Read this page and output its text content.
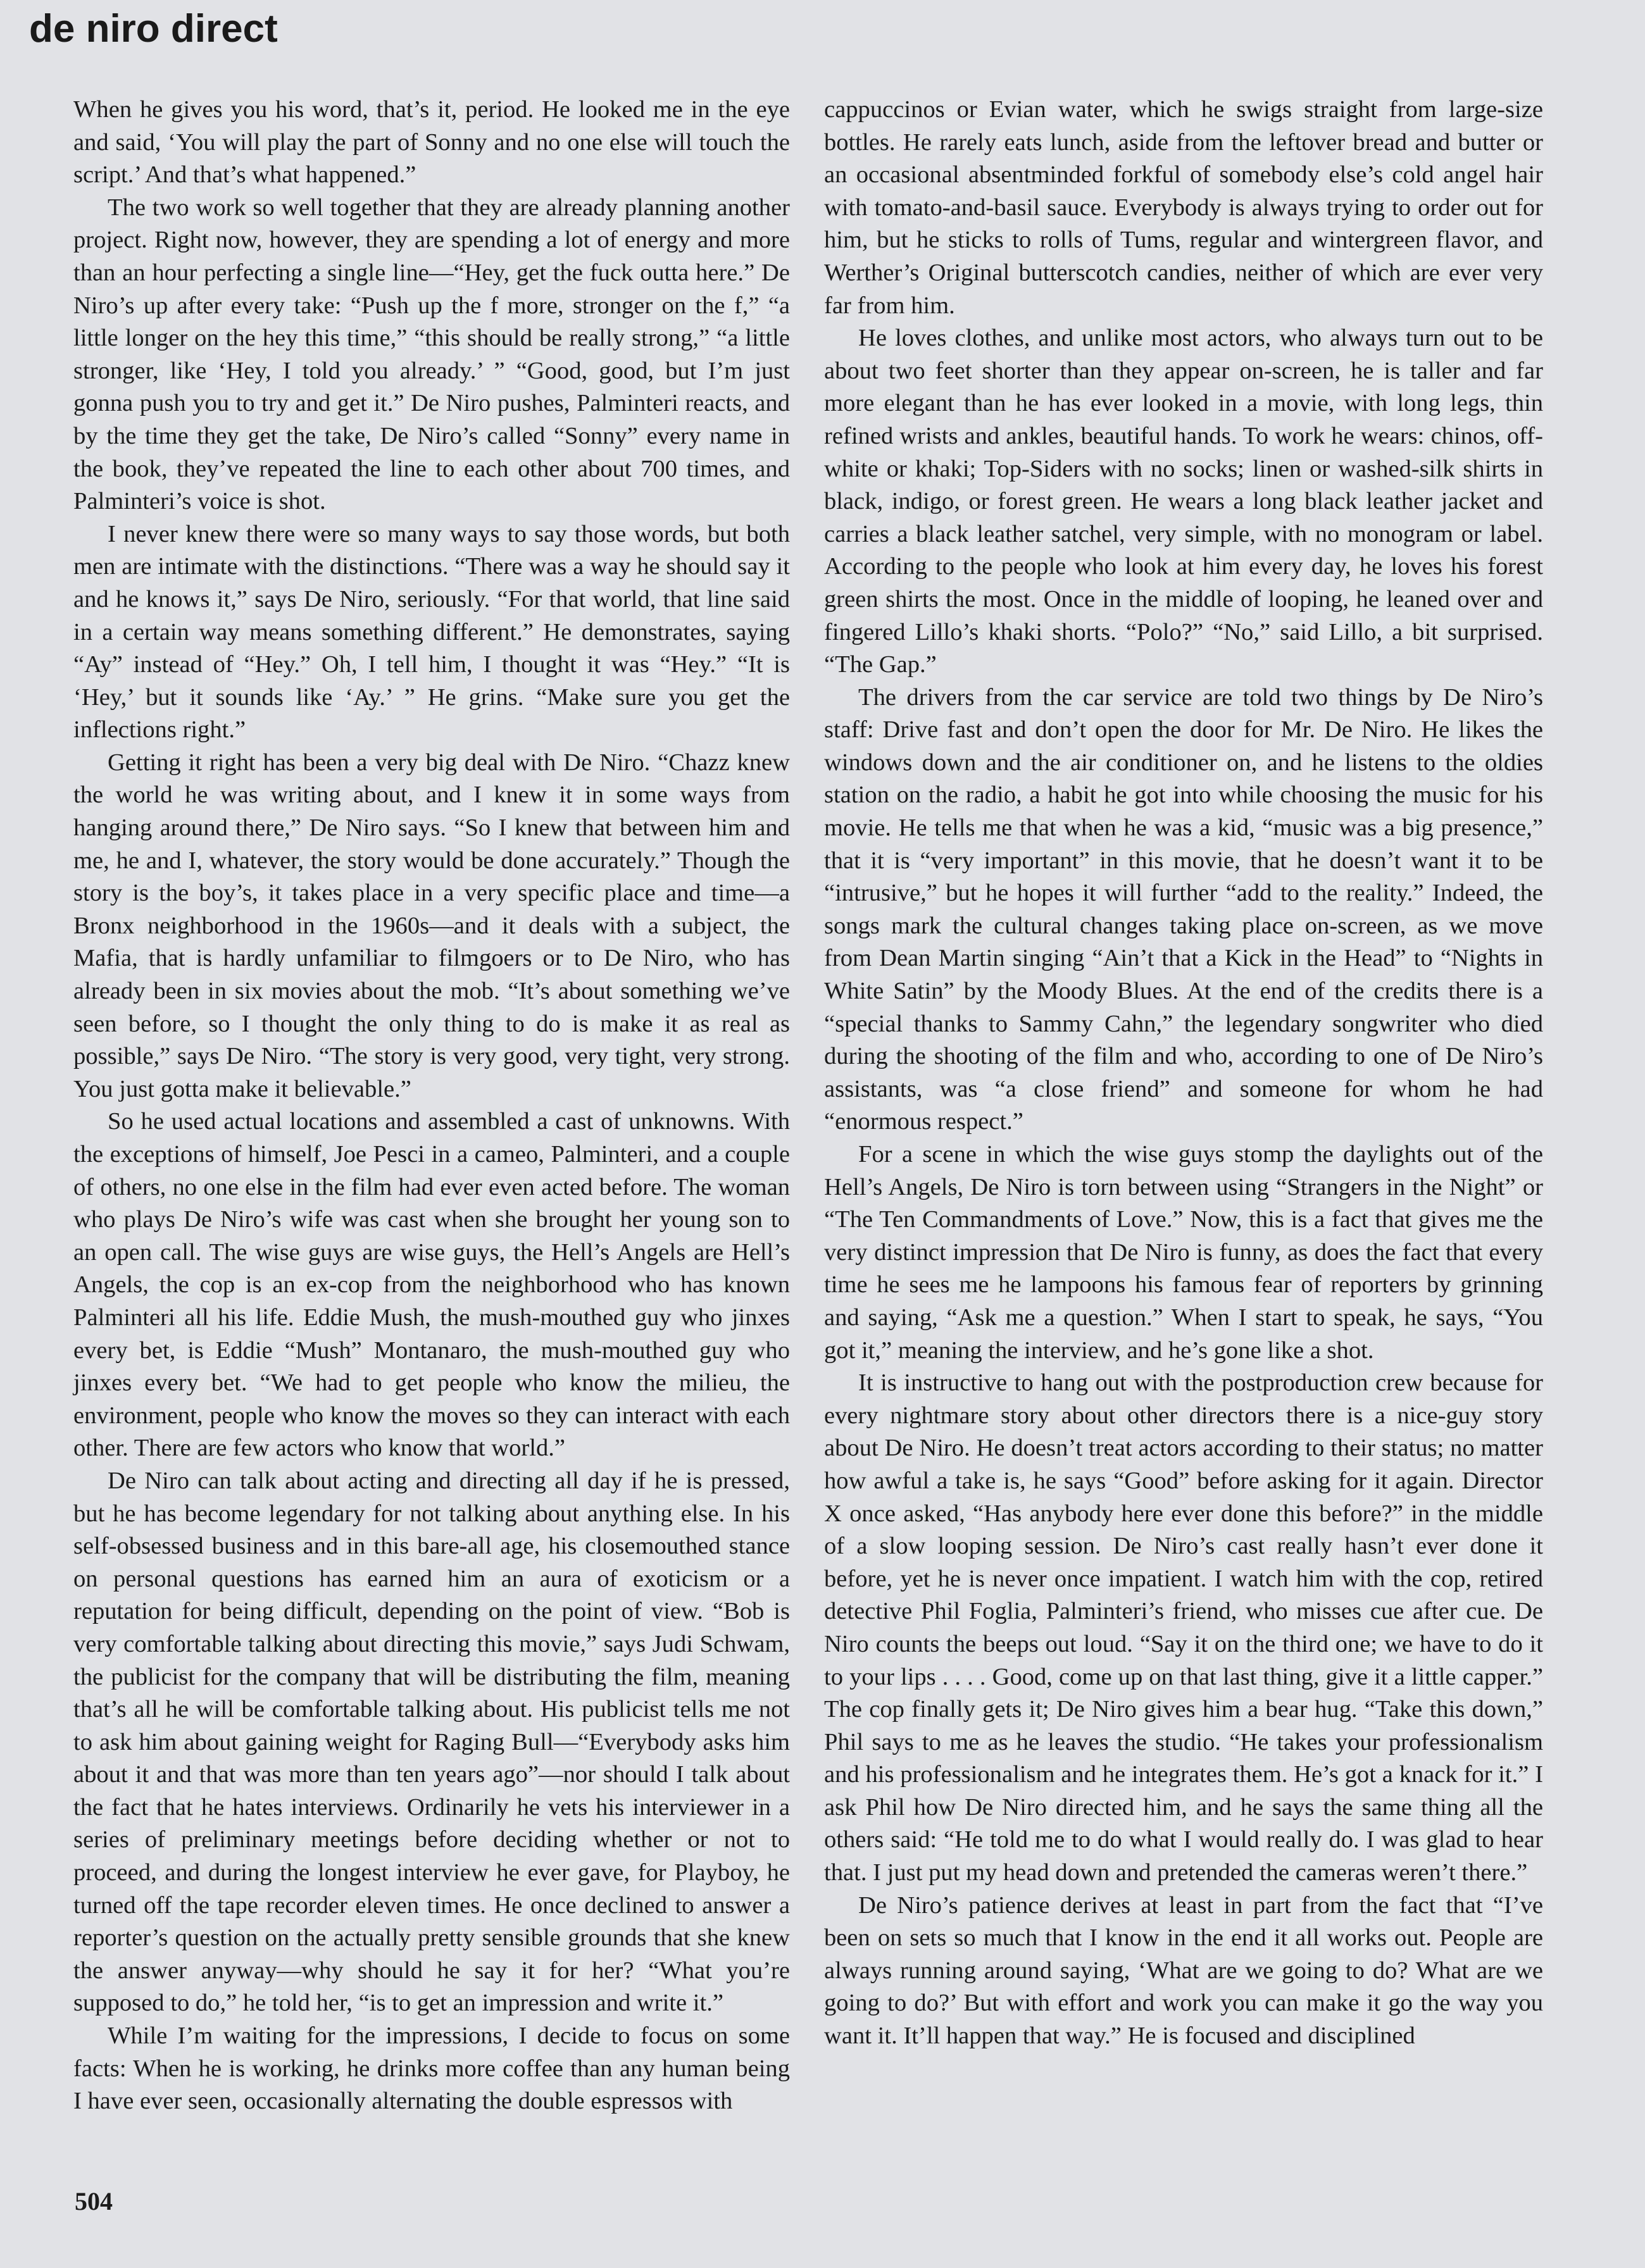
de niro direct

When he gives you his word, that’s it, period. He looked me in the eye and said, ‘You will play the part of Sonny and no one else will touch the script.’ And that’s what happened.”

The two work so well together that they are already planning another project. Right now, however, they are spending a lot of energy and more than an hour perfecting a single line—“Hey, get the fuck outta here.” De Niro’s up after every take: “Push up the f more, stronger on the f,” “a little longer on the hey this time,” “this should be really strong,” “a little stronger, like ‘Hey, I told you already.’ ” “Good, good, but I’m just gonna push you to try and get it.” De Niro pushes, Palminteri reacts, and by the time they get the take, De Niro’s called “Sonny” every name in the book, they’ve repeated the line to each other about 700 times, and Palminteri’s voice is shot.

I never knew there were so many ways to say those words, but both men are intimate with the distinctions. “There was a way he should say it and he knows it,” says De Niro, seriously. “For that world, that line said in a certain way means something different.” He demonstrates, saying “Ay” instead of “Hey.” Oh, I tell him, I thought it was “Hey.” “It is ‘Hey,’ but it sounds like ‘Ay.’ ” He grins. “Make sure you get the inflections right.”

Getting it right has been a very big deal with De Niro. “Chazz knew the world he was writing about, and I knew it in some ways from hanging around there,” De Niro says. “So I knew that between him and me, he and I, whatever, the story would be done accurately.” Though the story is the boy’s, it takes place in a very specific place and time—a Bronx neighborhood in the 1960s—and it deals with a subject, the Mafia, that is hardly unfamiliar to filmgoers or to De Niro, who has already been in six movies about the mob. “It’s about something we’ve seen before, so I thought the only thing to do is make it as real as possible,” says De Niro. “The story is very good, very tight, very strong. You just gotta make it believable.”

So he used actual locations and assembled a cast of unknowns. With the exceptions of himself, Joe Pesci in a cameo, Palminteri, and a couple of others, no one else in the film had ever even acted before. The woman who plays De Niro’s wife was cast when she brought her young son to an open call. The wise guys are wise guys, the Hell’s Angels are Hell’s Angels, the cop is an ex-cop from the neighborhood who has known Palminteri all his life. Eddie Mush, the mush-mouthed guy who jinxes every bet, is Eddie “Mush” Montanaro, the mush-mouthed guy who jinxes every bet. “We had to get people who know the milieu, the environment, people who know the moves so they can interact with each other. There are few actors who know that world.”

De Niro can talk about acting and directing all day if he is pressed, but he has become legendary for not talking about anything else. In his self-obsessed business and in this bare-all age, his closemouthed stance on personal questions has earned him an aura of exoticism or a reputation for being difficult, depending on the point of view. “Bob is very comfortable talking about directing this movie,” says Judi Schwam, the publicist for the company that will be distributing the film, meaning that’s all he will be comfortable talking about. His publicist tells me not to ask him about gaining weight for Raging Bull—“Everybody asks him about it and that was more than ten years ago”—nor should I talk about the fact that he hates interviews. Ordinarily he vets his interviewer in a series of preliminary meetings before deciding whether or not to proceed, and during the longest interview he ever gave, for Playboy, he turned off the tape recorder eleven times. He once declined to answer a reporter’s question on the actually pretty sensible grounds that she knew the answer anyway—why should he say it for her? “What you’re supposed to do,” he told her, “is to get an impression and write it.”

While I’m waiting for the impressions, I decide to focus on some facts: When he is working, he drinks more coffee than any human being I have ever seen, occasionally alternating the double espressos with

cappuccinos or Evian water, which he swigs straight from large-size bottles. He rarely eats lunch, aside from the leftover bread and butter or an occasional absentminded forkful of somebody else’s cold angel hair with tomato-and-basil sauce. Everybody is always trying to order out for him, but he sticks to rolls of Tums, regular and wintergreen flavor, and Werther’s Original butterscotch candies, neither of which are ever very far from him.

He loves clothes, and unlike most actors, who always turn out to be about two feet shorter than they appear on-screen, he is taller and far more elegant than he has ever looked in a movie, with long legs, thin refined wrists and ankles, beautiful hands. To work he wears: chinos, off-white or khaki; Top-Siders with no socks; linen or washed-silk shirts in black, indigo, or forest green. He wears a long black leather jacket and carries a black leather satchel, very simple, with no monogram or label. According to the people who look at him every day, he loves his forest green shirts the most. Once in the middle of looping, he leaned over and fingered Lillo’s khaki shorts. “Polo?” “No,” said Lillo, a bit surprised. “The Gap.”

The drivers from the car service are told two things by De Niro’s staff: Drive fast and don’t open the door for Mr. De Niro. He likes the windows down and the air conditioner on, and he listens to the oldies station on the radio, a habit he got into while choosing the music for his movie. He tells me that when he was a kid, “music was a big presence,” that it is “very important” in this movie, that he doesn’t want it to be “intrusive,” but he hopes it will further “add to the reality.” Indeed, the songs mark the cultural changes taking place on-screen, as we move from Dean Martin singing “Ain’t that a Kick in the Head” to “Nights in White Satin” by the Moody Blues. At the end of the credits there is a “special thanks to Sammy Cahn,” the legendary songwriter who died during the shooting of the film and who, according to one of De Niro’s assistants, was “a close friend” and someone for whom he had “enormous respect.”

For a scene in which the wise guys stomp the daylights out of the Hell’s Angels, De Niro is torn between using “Strangers in the Night” or “The Ten Commandments of Love.” Now, this is a fact that gives me the very distinct impression that De Niro is funny, as does the fact that every time he sees me he lampoons his famous fear of reporters by grinning and saying, “Ask me a question.” When I start to speak, he says, “You got it,” meaning the interview, and he’s gone like a shot.

It is instructive to hang out with the postproduction crew because for every nightmare story about other directors there is a nice-guy story about De Niro. He doesn’t treat actors according to their status; no matter how awful a take is, he says “Good” before asking for it again. Director X once asked, “Has anybody here ever done this before?” in the middle of a slow looping session. De Niro’s cast really hasn’t ever done it before, yet he is never once impatient. I watch him with the cop, retired detective Phil Foglia, Palminteri’s friend, who misses cue after cue. De Niro counts the beeps out loud. “Say it on the third one; we have to do it to your lips . . . . Good, come up on that last thing, give it a little capper.” The cop finally gets it; De Niro gives him a bear hug. “Take this down,” Phil says to me as he leaves the studio. “He takes your professionalism and his professionalism and he integrates them. He’s got a knack for it.” I ask Phil how De Niro directed him, and he says the same thing all the others said: “He told me to do what I would really do. I was glad to hear that. I just put my head down and pretended the cameras weren’t there.”

De Niro’s patience derives at least in part from the fact that “I’ve been on sets so much that I know in the end it all works out. People are always running around saying, ‘What are we going to do? What are we going to do?’ But with effort and work you can make it go the way you want it. It’ll happen that way.” He is focused and disciplined

504
